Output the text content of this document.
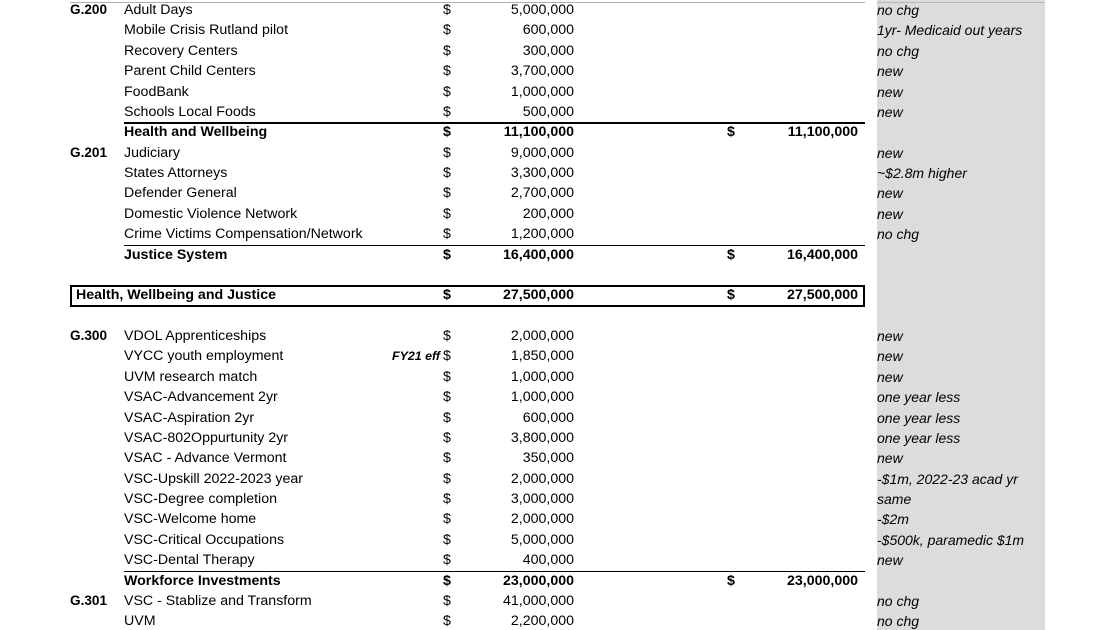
G.200	Adult Days	$	5,000,000	no chg
Mobile Crisis Rutland pilot	$	600,000	1yr- Medicaid out years
Recovery Centers	$	300,000	no chg
Parent Child Centers	$	3,700,000	new
FoodBank	$	1,000,000	new
Schools Local Foods	$	500,000	new
Health and Wellbeing	$	11,100,000	$	11,100,000
G.201	Judiciary	$	9,000,000	new
States Attorneys	$	3,300,000	~$2.8m higher
Defender General	$	2,700,000	new
Domestic Violence Network	$	200,000	new
Crime Victims Compensation/Network	$	1,200,000	no chg
Justice System	$	16,400,000	$	16,400,000
Health, Wellbeing and Justice	$	27,500,000	$	27,500,000
G.300	VDOL Apprenticeships	$	2,000,000	new
VYCC youth employment	FY21 eff $	1,850,000	new
UVM research match	$	1,000,000	new
VSAC-Advancement 2yr	$	1,000,000	one year less
VSAC-Aspiration 2yr	$	600,000	one year less
VSAC-802Oppurtunity 2yr	$	3,800,000	one year less
VSAC - Advance Vermont	$	350,000	new
VSC-Upskill 2022-2023 year	$	2,000,000	-$1m, 2022-23 acad yr
VSC-Degree completion	$	3,000,000	same
VSC-Welcome home	$	2,000,000	-$2m
VSC-Critical Occupations	$	5,000,000	-$500k, paramedic $1m
VSC-Dental Therapy	$	400,000	new
Workforce Investments	$	23,000,000	$	23,000,000
G.301	VSC - Stablize and Transform	$	41,000,000	no chg
UVM	$	2,200,000	no chg
